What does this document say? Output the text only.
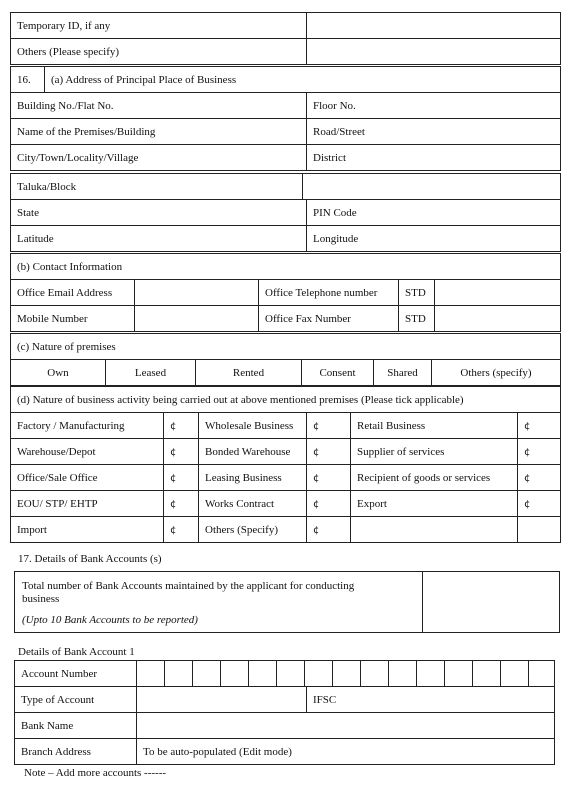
Temporary ID, if any	
Others (Please specify)	
16.	(a) Address of Principal Place of Business
Building No./Flat No.	Floor No.
Name of the Premises/Building	Road/Street
City/Town/Locality/Village	District
Taluka/Block	
State	PIN Code
Latitude	Longitude
(b) Contact Information				
Office Email Address		Office Telephone number	STD	
Mobile Number		Office Fax Number	STD	
(c) Nature of premises
Own	Leased	Rented	Consent	Shared	Others (specify)
(d) Nature of business activity being carried out at above mentioned premises (Please tick applicable)					
Factory / Manufacturing	¢	Wholesale Business	¢	Retail Business	¢
Warehouse/Depot	¢	Bonded Warehouse	¢	Supplier of services	¢
Office/Sale Office	¢	Leasing Business	¢	Recipient of goods or services	¢
EOU/ STP/ EHTP	¢	Works Contract	¢	Export	¢
Import	¢	Others (Specify)	¢		
17. Details of Bank Accounts (s)
Total number of Bank Accounts maintained by the applicant for conducting
business
(Upto 10 Bank Accounts to be reported)
Details of Bank Account 1
Account Number															
Type of Account		IFSC
Bank Name		
Branch Address	To be auto-populated (Edit mode)	
Note – Add more accounts ------
